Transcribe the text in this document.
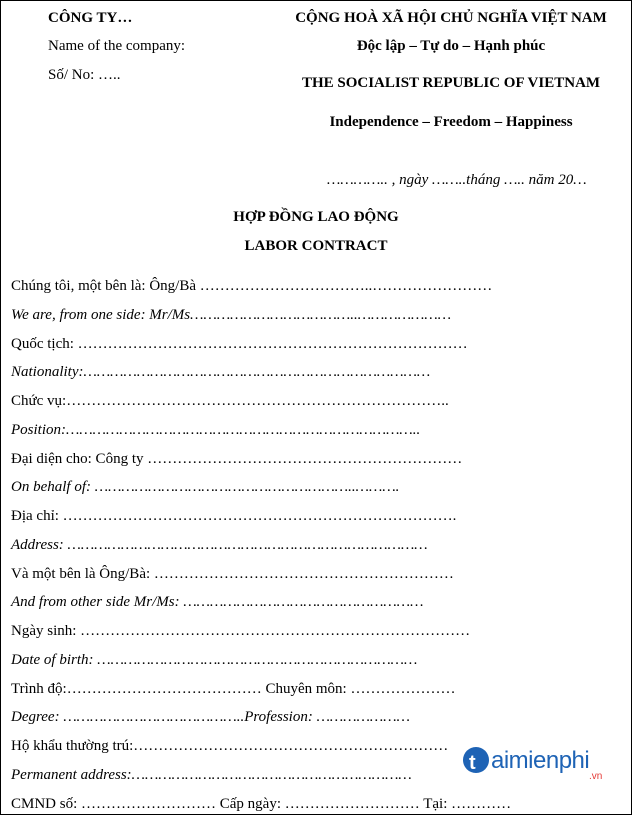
CÔNG TY…
Name of the company:
Số/ No: …..
CỘNG HOÀ XÃ HỘI CHỦ NGHĨA VIỆT NAM
Độc lập – Tự do – Hạnh phúc
THE SOCIALIST REPUBLIC OF VIETNAM
Independence – Freedom – Happiness
………….. , ngày ……..tháng ….. năm 20…
HỢP ĐỒNG LAO ĐỘNG
LABOR CONTRACT
Chúng tôi, một bên là: Ông/Bà ……………………………..……………………
We are, from one side: Mr/Ms………………………………..…………………
Quốc tịch: ……………………………………………………………………
Nationality:……………………………………………………………………
Chức vụ:…………………………………………………………………..
Position:……………………………………………………………………..
Đại diện cho: Công ty ………………………………………………………
On behalf of: …………………………………………………..……….
Địa chỉ: …………………………………………………………………….
Address: ………………………………………………………………………
Và một bên là Ông/Bà: ……………………………………………………
And from other side Mr/Ms: ………………………………………………
Ngày sinh: ……………………………………………………………………
Date of birth: ………………………………………………………………
Trình độ:………………………………… Chuyên môn: …………………
Degree: …………………………………..Profession: …………………
Hộ khẩu thường trú:………………………………………………………
Permanent address:………………………………………………………
CMND số: ……………………… Cấp ngày: ……………………… Tại: …………
t aimienphi
.vn
